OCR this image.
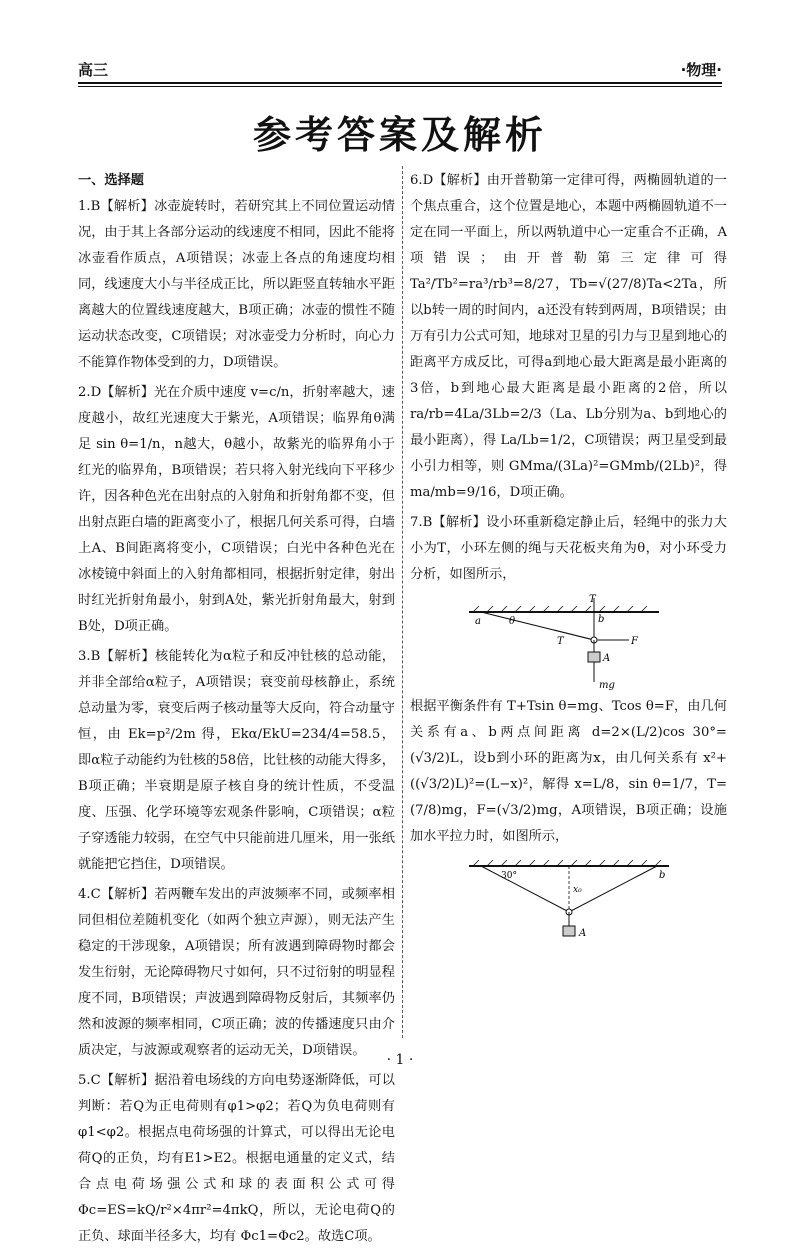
高三	·物理·
参考答案及解析

一、选择题

1.B【解析】冰壶旋转时，若研究其上不同位置运动情况，由于其上各部分运动的线速度不相同，因此不能将冰壶看作质点，A项错误；冰壶上各点的角速度均相同，线速度大小与半径成正比，所以距竖直转轴水平距离越大的位置线速度越大，B项正确；冰壶的惯性不随运动状态改变，C项错误；对冰壶受力分析时，向心力不能算作物体受到的力，D项错误。

2.D【解析】光在介质中速度 v=c/n，折射率越大，速度越小，故红光速度大于紫光，A项错误；临界角θ满足 sin θ=1/n，n越大，θ越小，故紫光的临界角小于红光的临界角，B项错误；若只将入射光线向下平移少许，因各种色光在出射点的入射角和折射角都不变，但出射点距白墙的距离变小了，根据几何关系可得，白墙上A、B间距离将变小，C项错误；白光中各种色光在冰棱镜中斜面上的入射角都相同，根据折射定律，射出时红光折射角最小，射到A处，紫光折射角最大，射到B处，D项正确。

3.B【解析】核能转化为α粒子和反冲钍核的总动能，并非全部给α粒子，A项错误；衰变前母核静止，系统总动量为零，衰变后两子核动量等大反向，符合动量守恒，由 Ek=p²/2m 得，Ekα/EkU=234/4=58.5，即α粒子动能约为钍核的58倍，比钍核的动能大得多，B项正确；半衰期是原子核自身的统计性质，不受温度、压强、化学环境等宏观条件影响，C项错误；α粒子穿透能力较弱，在空气中只能前进几厘米，用一张纸就能把它挡住，D项错误。

4.C【解析】若两鞭车发出的声波频率不同，或频率相同但相位差随机变化（如两个独立声源），则无法产生稳定的干涉现象，A项错误；所有波遇到障碍物时都会发生衍射，无论障碍物尺寸如何，只不过衍射的明显程度不同，B项错误；声波遇到障碍物反射后，其频率仍然和波源的频率相同，C项正确；波的传播速度只由介质决定，与波源或观察者的运动无关，D项错误。

5.C【解析】据沿着电场线的方向电势逐渐降低，可以判断：若Q为正电荷则有φ1>φ2；若Q为负电荷则有φ1<φ2。根据点电荷场强的计算式，可以得出无论电荷Q的正负，均有E1>E2。根据电通量的定义式，结合点电荷场强公式和球的表面积公式可得 Φc=ES=kQ/r²×4πr²=4πkQ，所以，无论电荷Q的正负、球面半径多大，均有 Φc1=Φc2。故选C项。

6.D【解析】由开普勒第一定律可得，两椭圆轨道的一个焦点重合，这个位置是地心，本题中两椭圆轨道不一定在同一平面上，所以两轨道中心一定重合不正确，A项错误；由开普勒第三定律可得 Ta²/Tb²=ra³/rb³=8/27，Tb=√(27/8)Ta<2Ta，所以b转一周的时间内，a还没有转到两周，B项错误；由万有引力公式可知，地球对卫星的引力与卫星到地心的距离平方成反比，可得a到地心最大距离是最小距离的3倍，b到地心最大距离是最小距离的2倍，所以 ra/rb=4La/3Lb=2/3（La、Lb分别为a、b到地心的最小距离），得 La/Lb=1/2，C项错误；两卫星受到最小引力相等，则 GMma/(3La)²=GMmb/(2Lb)²，得 ma/mb=9/16，D项正确。

7.B【解析】设小环重新稳定静止后，轻绳中的张力大小为T，小环左侧的绳与天花板夹角为θ，对小环受力分析，如图所示，

T
a	θ	b
T	F
A
mg

根据平衡条件有 T+Tsin θ=mg、Tcos θ=F，由几何关系有a、b两点间距离 d=2×(L/2)cos 30°=(√3/2)L，设b到小环的距离为x，由几何关系有 x²+((√3/2)L)²=(L−x)²，解得 x=L/8，sin θ=1/7，T=(7/8)mg，F=(√3/2)mg，A项错误，B项正确；设施加水平拉力时，如图所示，

30°
x₀
b
A
· 1 ·
